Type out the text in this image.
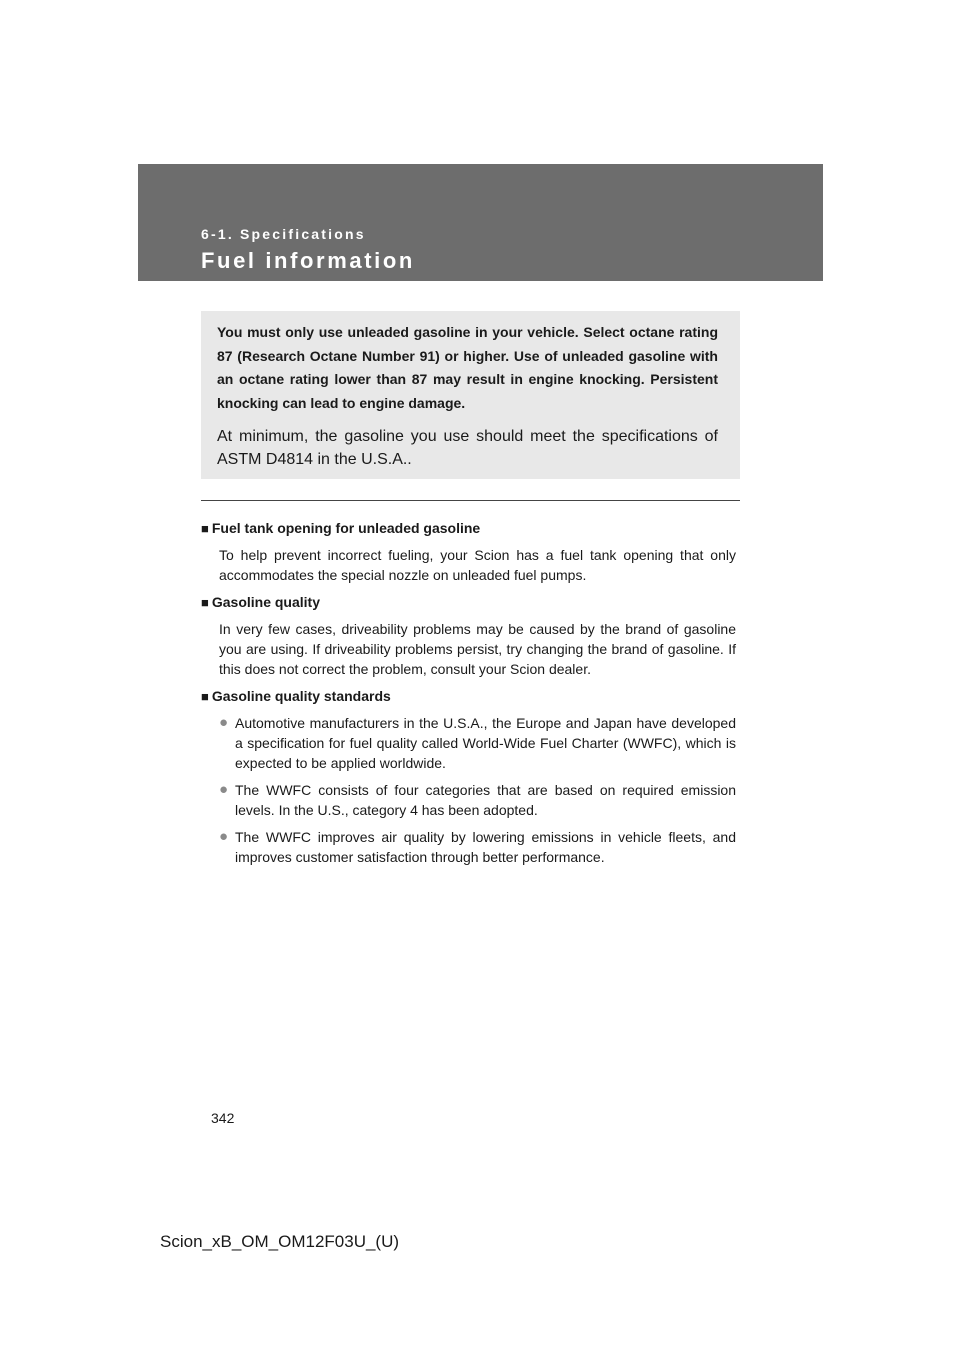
6-1. Specifications
Fuel information
You must only use unleaded gasoline in your vehicle. Select octane rating 87 (Research Octane Number 91) or higher. Use of unleaded gasoline with an octane rating lower than 87 may result in engine knocking. Persistent knocking can lead to engine damage.
At minimum, the gasoline you use should meet the specifications of ASTM D4814 in the U.S.A..
■ Fuel tank opening for unleaded gasoline
To help prevent incorrect fueling, your Scion has a fuel tank opening that only accommodates the special nozzle on unleaded fuel pumps.
■ Gasoline quality
In very few cases, driveability problems may be caused by the brand of gasoline you are using. If driveability problems persist, try changing the brand of gasoline. If this does not correct the problem, consult your Scion dealer.
■ Gasoline quality standards
● Automotive manufacturers in the U.S.A., the Europe and Japan have developed a specification for fuel quality called World-Wide Fuel Charter (WWFC), which is expected to be applied worldwide.
● The WWFC consists of four categories that are based on required emission levels. In the U.S., category 4 has been adopted.
● The WWFC improves air quality by lowering emissions in vehicle fleets, and improves customer satisfaction through better performance.
342
Scion_xB_OM_OM12F03U_(U)
